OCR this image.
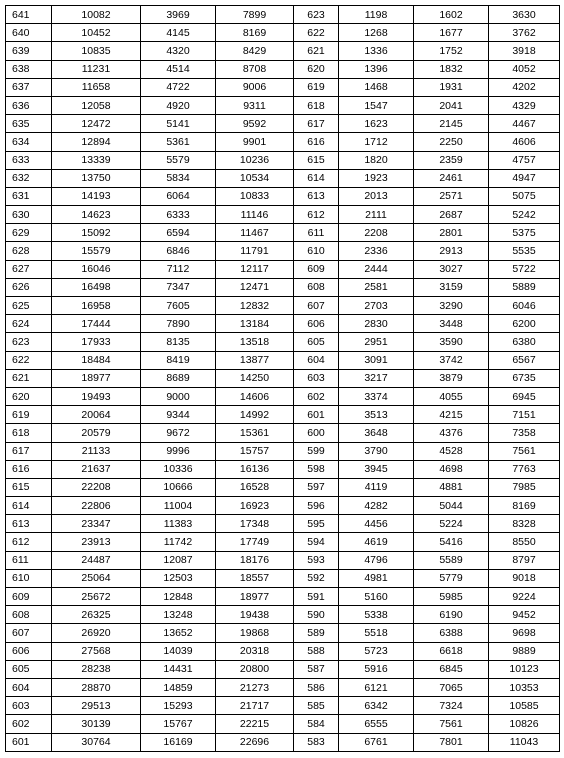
641	10082	3969	7899	623	1198	1602	3630
640	10452	4145	8169	622	1268	1677	3762
639	10835	4320	8429	621	1336	1752	3918
638	11231	4514	8708	620	1396	1832	4052
637	11658	4722	9006	619	1468	1931	4202
636	12058	4920	9311	618	1547	2041	4329
635	12472	5141	9592	617	1623	2145	4467
634	12894	5361	9901	616	1712	2250	4606
633	13339	5579	10236	615	1820	2359	4757
632	13750	5834	10534	614	1923	2461	4947
631	14193	6064	10833	613	2013	2571	5075
630	14623	6333	11146	612	2111	2687	5242
629	15092	6594	11467	611	2208	2801	5375
628	15579	6846	11791	610	2336	2913	5535
627	16046	7112	12117	609	2444	3027	5722
626	16498	7347	12471	608	2581	3159	5889
625	16958	7605	12832	607	2703	3290	6046
624	17444	7890	13184	606	2830	3448	6200
623	17933	8135	13518	605	2951	3590	6380
622	18484	8419	13877	604	3091	3742	6567
621	18977	8689	14250	603	3217	3879	6735
620	19493	9000	14606	602	3374	4055	6945
619	20064	9344	14992	601	3513	4215	7151
618	20579	9672	15361	600	3648	4376	7358
617	21133	9996	15757	599	3790	4528	7561
616	21637	10336	16136	598	3945	4698	7763
615	22208	10666	16528	597	4119	4881	7985
614	22806	11004	16923	596	4282	5044	8169
613	23347	11383	17348	595	4456	5224	8328
612	23913	11742	17749	594	4619	5416	8550
611	24487	12087	18176	593	4796	5589	8797
610	25064	12503	18557	592	4981	5779	9018
609	25672	12848	18977	591	5160	5985	9224
608	26325	13248	19438	590	5338	6190	9452
607	26920	13652	19868	589	5518	6388	9698
606	27568	14039	20318	588	5723	6618	9889
605	28238	14431	20800	587	5916	6845	10123
604	28870	14859	21273	586	6121	7065	10353
603	29513	15293	21717	585	6342	7324	10585
602	30139	15767	22215	584	6555	7561	10826
601	30764	16169	22696	583	6761	7801	11043
